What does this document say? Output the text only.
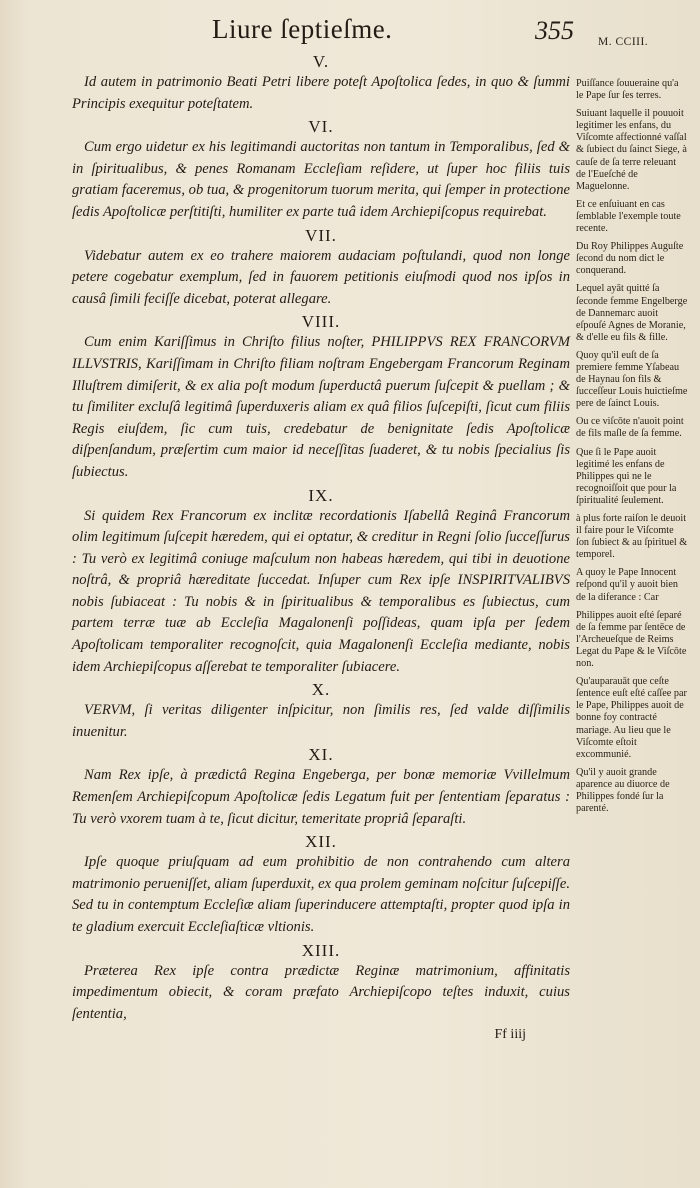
Liure ſeptieſme.	355 M. CCIII.
V.

Id autem in patrimonio Beati Petri libere poteſt Apoſtolica ſedes, in quo & ſummi Principis exequitur poteſtatem.

VI.

Cum ergo uidetur ex his legitimandi auctoritas non tantum in Temporalibus, ſed & in ſpiritualibus, & penes Romanam Eccleſiam reſidere, ut ſuper hoc filiis tuis gratiam faceremus, ob tua, & progenitorum tuorum merita, qui ſemper in protectione ſedis Apoſtolicæ perſtitiſti, humiliter ex parte tuâ idem Archiepiſcopus requirebat.

VII.

Videbatur autem ex eo trahere maiorem audaciam poſtulandi, quod non longe petere cogebatur exemplum, ſed in fauorem petitionis eiuſmodi quod nos ipſos in causâ ſimili feciſſe dicebat, poterat allegare.

VIII.

Cum enim Kariſſimus in Chriſto filius noſter, PHILIPPVS REX FRANCORVM ILLVSTRIS, Kariſſimam in Chriſto filiam noſtram Engebergam Francorum Reginam Illuſtrem dimiſerit, & ex alia poſt modum ſuperductâ puerum ſuſcepit & puellam ; & tu ſimiliter excluſâ legitimâ ſuperduxeris aliam ex quâ filios ſuſcepiſti, ſicut cum filiis Regis eiuſdem, ſic cum tuis, credebatur de benignitate ſedis Apoſtolicæ diſpenſandum, præſertim cum maior id neceſſitas ſuaderet, & tu nobis ſpecialius ſis ſubiectus.

IX.

Si quidem Rex Francorum ex inclitæ recordationis Iſabellâ Reginâ Francorum olim legitimum ſuſcepit hæredem, qui ei optatur, & creditur in Regni ſolio ſucceſſurus : Tu verò ex legitimâ coniuge maſculum non habeas hæredem, qui tibi in deuotione noſtrâ, & propriâ hæreditate ſuccedat. Inſuper cum Rex ipſe INSPIRITVALIBVS nobis ſubiaceat : Tu nobis & in ſpiritualibus & temporalibus es ſubiectus, cum partem terræ tuæ ab Eccleſia Magalonenſi poſſideas, quam ipſa per ſedem Apoſtolicam temporaliter recognoſcit, quia Magalonenſi Eccleſia mediante, nobis idem Archiepiſcopus aſſerebat te temporaliter ſubiacere.

X.

VERVM, ſi veritas diligenter inſpicitur, non ſimilis res, ſed valde diſſimilis inuenitur.

XI.

Nam Rex ipſe, à prædictâ Regina Engeberga, per bonæ memoriæ Vvillelmum Remenſem Archiepiſcopum Apoſtolicæ ſedis Legatum fuit per ſententiam ſeparatus : Tu verò vxorem tuam à te, ſicut dicitur, temeritate propriâ ſeparaſti.

XII.

Ipſe quoque priuſquam ad eum prohibitio de non contrahendo cum altera matrimonio perueniſſet, aliam ſuperduxit, ex qua prolem geminam noſcitur ſuſcepiſſe. Sed tu in contemptum Eccleſiæ aliam ſuperinducere attemptaſti, propter quod ipſa in te gladium exercuit Eccleſiaſticæ vltionis.

XIII.

Præterea Rex ipſe contra prædictæ Reginæ matrimonium, affinitatis impedimentum obiecit, & coram præfato Archiepiſcopo teſtes induxit, cuius ſententia,

Ff iiij

Puiſſance ſouueraine qu'a le Pape ſur ſes terres.

Suiuant laquelle il pouuoit legitimer les enfans, du Viſcomte affectionné vaſſal & ſubiect du ſainct Siege, à cauſe de ſa terre releuant de l'Eueſché de Maguelonne.

Et ce enſuiuant en cas ſemblable l'exemple toute recente.

Du Roy Philippes Auguſte ſecond du nom dict le conquerand.

Lequel ayāt quitté ſa ſeconde femme Engelberge de Dannemarc auoit eſpouſé Agnes de Moranie, & d'elle eu fils & fille.

Quoy qu'il euſt de ſa premiere femme Yſabeau de Haynau ſon fils & ſucceſſeur Louis huictieſme pere de ſainct Louis.

Ou ce viſcōte n'auoit point de fils maſle de ſa femme.

Que ſi le Pape auoit legitimé les enfans de Philippes qui ne le recognoiſſoit que pour la ſpiritualité ſeulement.

à plus forte raiſon le deuoit il faire pour le Viſcomte ſon ſubiect & au ſpirituel & temporel.

A quoy le Pape Innocent reſpond qu'il y auoit bien de la diferance : Car

Philippes auoit eſté ſeparé de ſa femme par ſentēce de l'Archeueſque de Reims Legat du Pape & le Viſcōte non.

Qu'auparauāt que ceſte ſentence euſt eſté caſſee par le Pape, Philippes auoit de bonne foy contracté mariage. Au lieu que le Viſcomte eſtoit excommunié.

Qu'il y auoit grande aparence au diuorce de Philippes fondé ſur la parenté.
